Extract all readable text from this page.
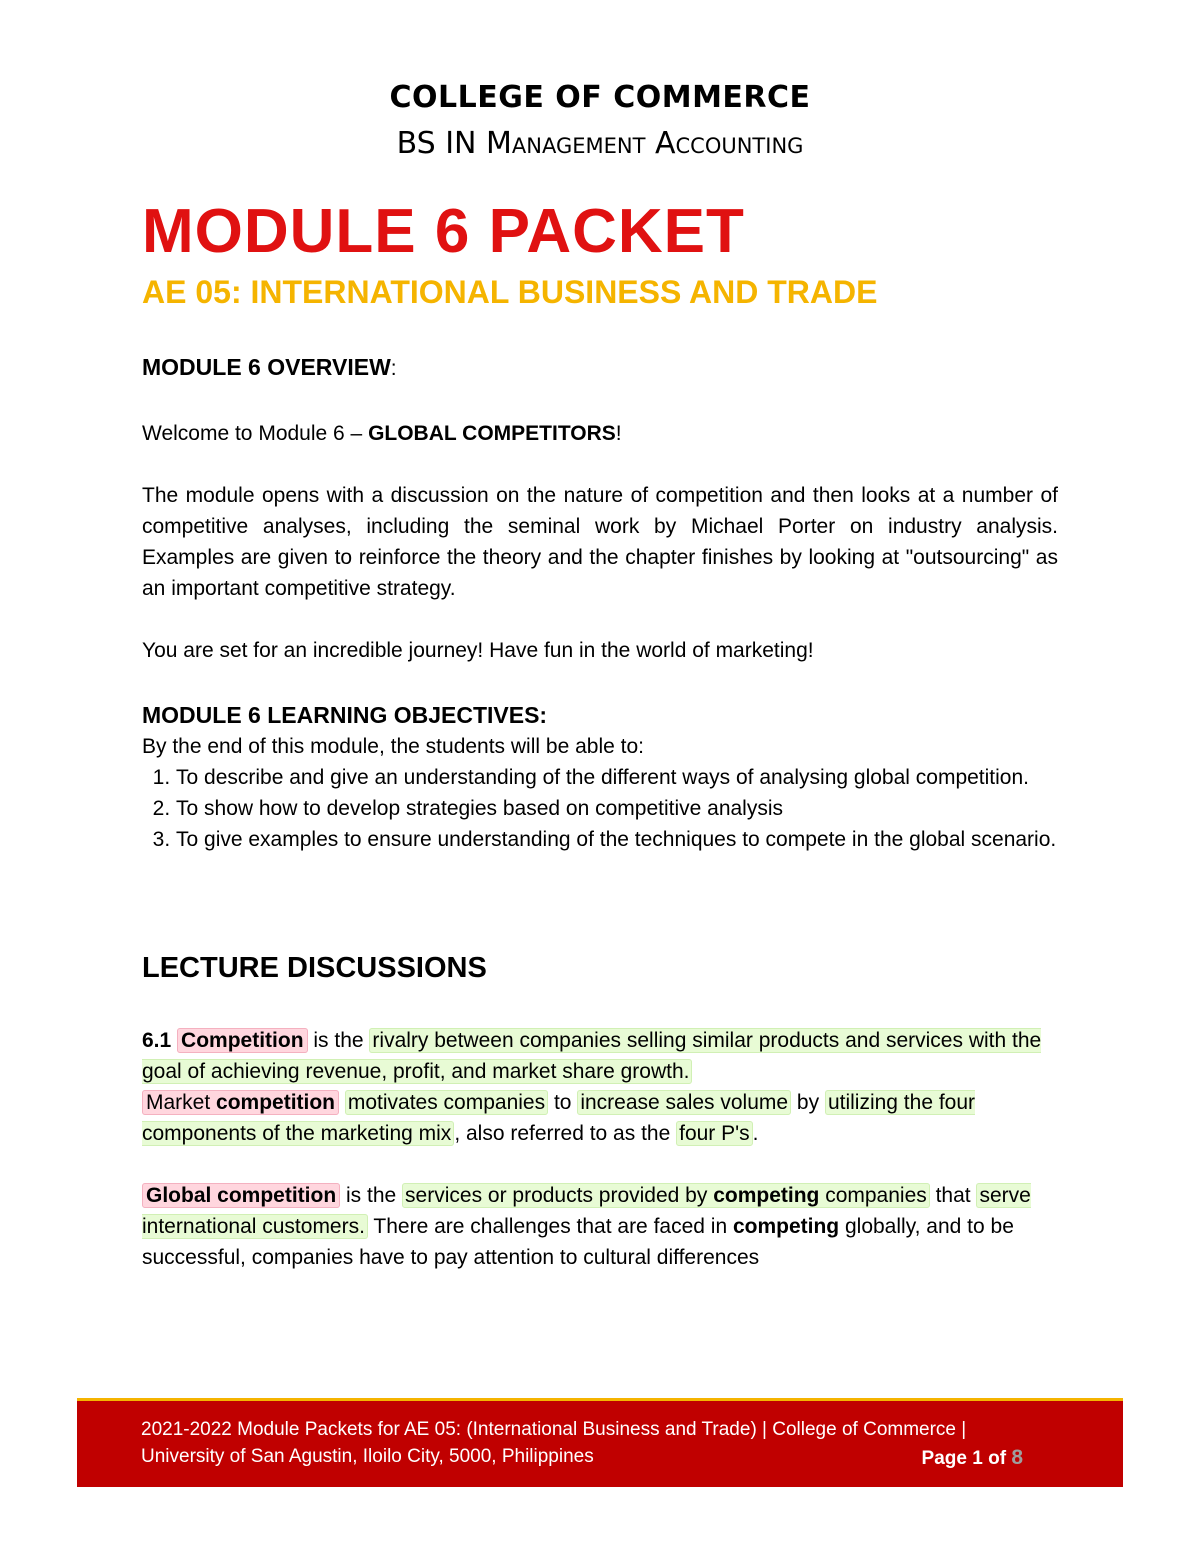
COLLEGE OF COMMERCE
BS IN Management Accounting
MODULE 6 PACKET
AE 05: INTERNATIONAL BUSINESS AND TRADE
MODULE 6 OVERVIEW:
Welcome to Module 6 – GLOBAL COMPETITORS!
The module opens with a discussion on the nature of competition and then looks at a number of competitive analyses, including the seminal work by Michael Porter on industry analysis. Examples are given to reinforce the theory and the chapter finishes by looking at "outsourcing" as an important competitive strategy.
You are set for an incredible journey! Have fun in the world of marketing!
MODULE 6 LEARNING OBJECTIVES:
By the end of this module, the students will be able to:
1. To describe and give an understanding of the different ways of analysing global competition.
2. To show how to develop strategies based on competitive analysis
3. To give examples to ensure understanding of the techniques to compete in the global scenario.
LECTURE DISCUSSIONS
6.1 Competition is the rivalry between companies selling similar products and services with the goal of achieving revenue, profit, and market share growth.
Market competition motivates companies to increase sales volume by utilizing the four components of the marketing mix , also referred to as the four P's .
Global competition is the services or products provided by competing companies that serve international customers. There are challenges that are faced in competing globally, and to be successful, companies have to pay attention to cultural differences
2021-2022 Module Packets for AE 05: (International Business and Trade) | College of Commerce |
University of San Agustin, Iloilo City, 5000, Philippines	Page 1 of 8
